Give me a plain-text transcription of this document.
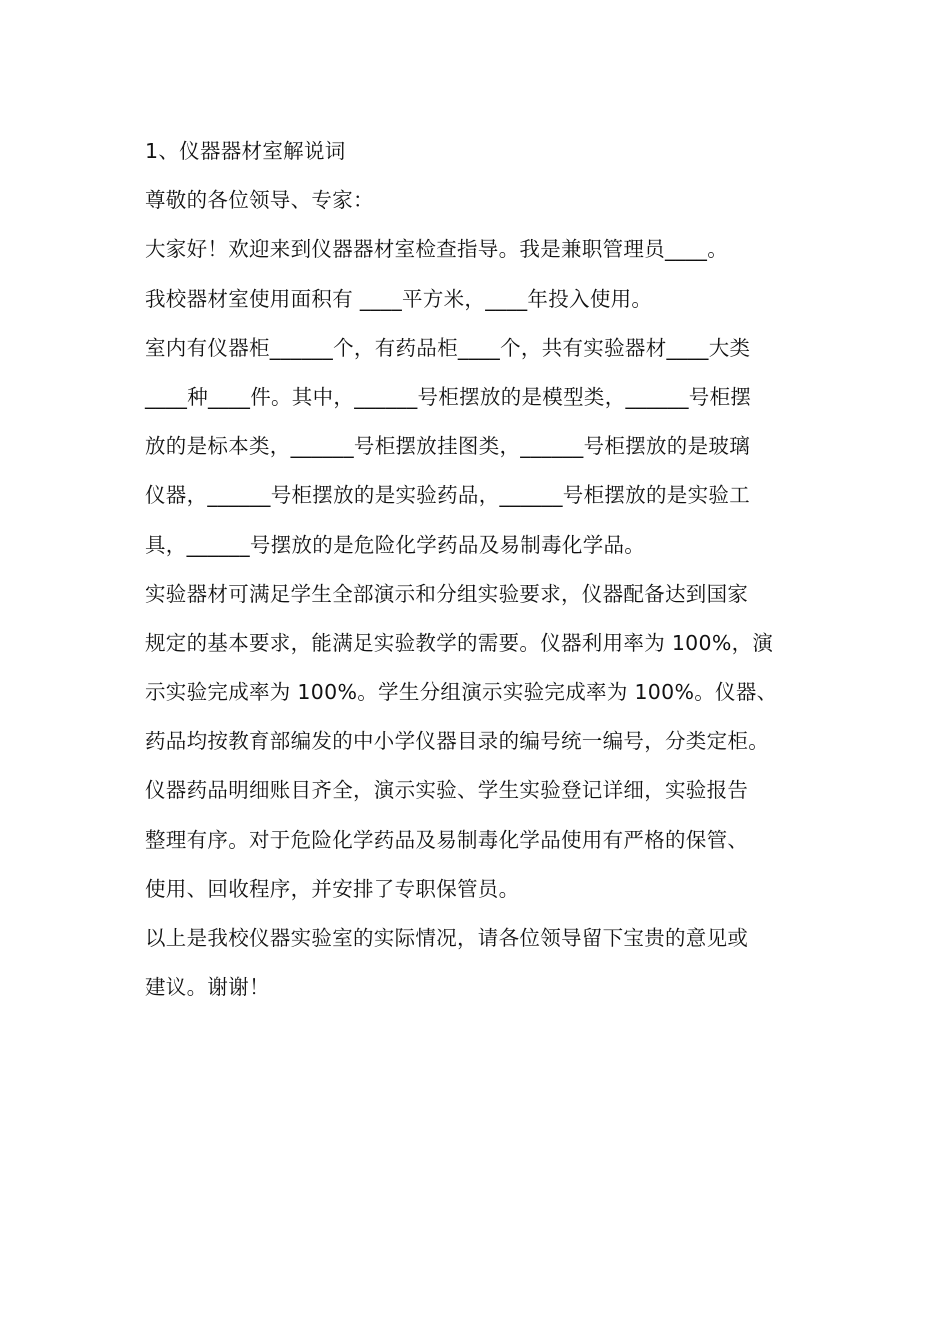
1、仪器器材室解说词
尊敬的各位领导、专家：
大家好！欢迎来到仪器器材室检查指导。我是兼职管理员____。
我校器材室使用面积有 ____平方米，____年投入使用。
室内有仪器柜______个，有药品柜____个，共有实验器材____大类
____种____件。其中，______号柜摆放的是模型类，______号柜摆
放的是标本类，______号柜摆放挂图类，______号柜摆放的是玻璃
仪器，______号柜摆放的是实验药品，______号柜摆放的是实验工
具，______号摆放的是危险化学药品及易制毒化学品。
实验器材可满足学生全部演示和分组实验要求，仪器配备达到国家
规定的基本要求，能满足实验教学的需要。仪器利用率为 100%，演
示实验完成率为 100%。学生分组演示实验完成率为 100%。仪器、
药品均按教育部编发的中小学仪器目录的编号统一编号，分类定柜。
仪器药品明细账目齐全，演示实验、学生实验登记详细，实验报告
整理有序。对于危险化学药品及易制毒化学品使用有严格的保管、
使用、回收程序，并安排了专职保管员。
以上是我校仪器实验室的实际情况，请各位领导留下宝贵的意见或
建议。谢谢！
